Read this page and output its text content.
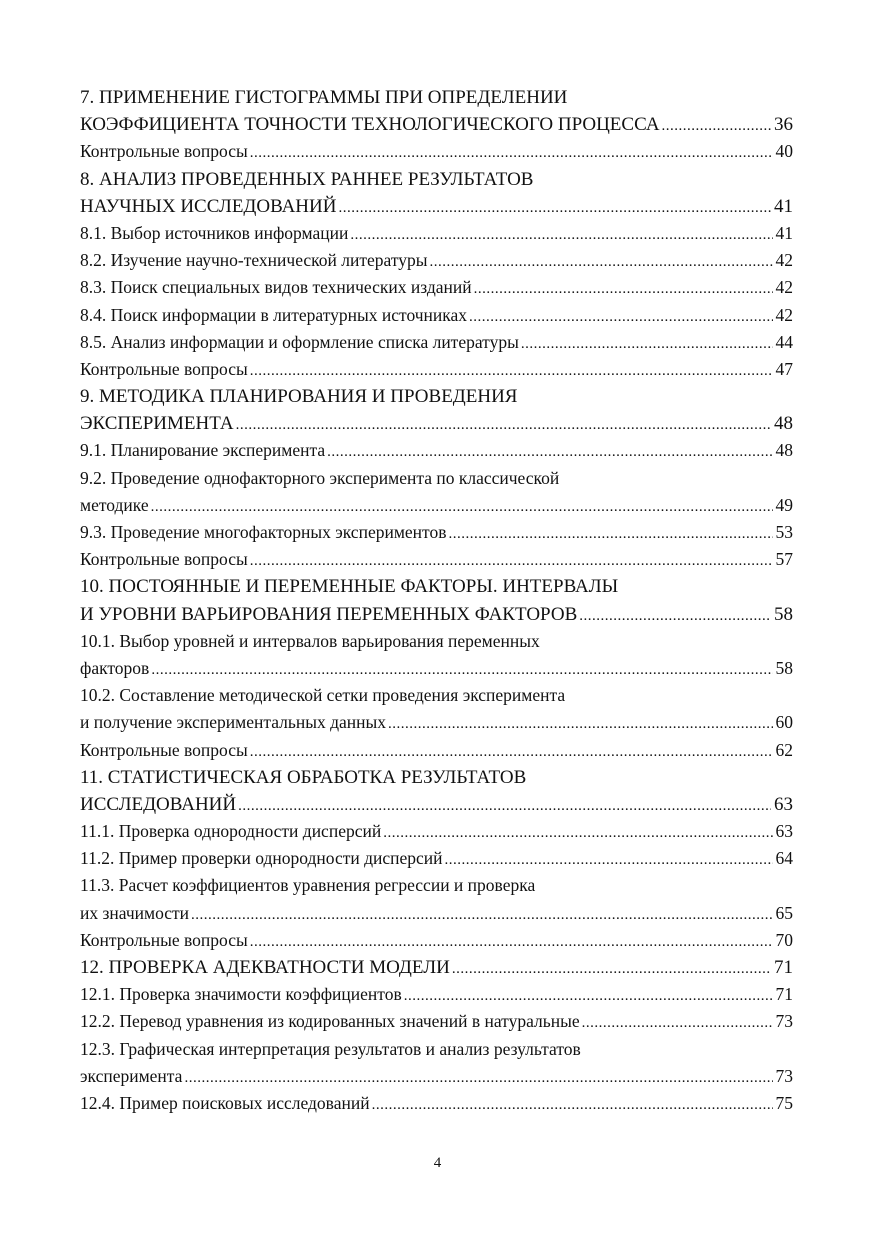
7. ПРИМЕНЕНИЕ ГИСТОГРАММЫ ПРИ ОПРЕДЕЛЕНИИ
КОЭФФИЦИЕНТА ТОЧНОСТИ ТЕХНОЛОГИЧЕСКОГО ПРОЦЕССА .....	36
Контрольные вопросы .....	40
8. АНАЛИЗ ПРОВЕДЕННЫХ РАННЕЕ РЕЗУЛЬТАТОВ
НАУЧНЫХ ИССЛЕДОВАНИЙ .....	41
8.1. Выбор источников информации .....	41
8.2. Изучение научно-технической литературы .....	42
8.3. Поиск специальных видов технических изданий .....	42
8.4. Поиск информации в литературных источниках .....	42
8.5. Анализ информации и оформление списка литературы .....	44
Контрольные вопросы .....	47
9. МЕТОДИКА ПЛАНИРОВАНИЯ И ПРОВЕДЕНИЯ
ЭКСПЕРИМЕНТА .....	48
9.1. Планирование эксперимента .....	48
9.2. Проведение однофакторного эксперимента по классической
методике .....	49
9.3. Проведение многофакторных экспериментов .....	53
Контрольные вопросы .....	57
10. ПОСТОЯННЫЕ И ПЕРЕМЕННЫЕ ФАКТОРЫ. ИНТЕРВАЛЫ
И УРОВНИ ВАРЬИРОВАНИЯ ПЕРЕМЕННЫХ ФАКТОРОВ .....	58
10.1. Выбор уровней и интервалов варьирования переменных
факторов .....	58
10.2. Составление методической сетки проведения эксперимента
и получение экспериментальных данных .....	60
Контрольные вопросы .....	62
11. СТАТИСТИЧЕСКАЯ ОБРАБОТКА РЕЗУЛЬТАТОВ
ИССЛЕДОВАНИЙ .....	63
11.1. Проверка однородности дисперсий .....	63
11.2. Пример проверки однородности дисперсий .....	64
11.3. Расчет коэффициентов уравнения регрессии и проверка
их значимости .....	65
Контрольные вопросы .....	70
12. ПРОВЕРКА АДЕКВАТНОСТИ МОДЕЛИ .....	71
12.1. Проверка значимости коэффициентов .....	71
12.2. Перевод уравнения из кодированных значений в натуральные .....	73
12.3. Графическая интерпретация результатов и анализ результатов
эксперимента .....	73
12.4. Пример поисковых исследований .....	75
4
